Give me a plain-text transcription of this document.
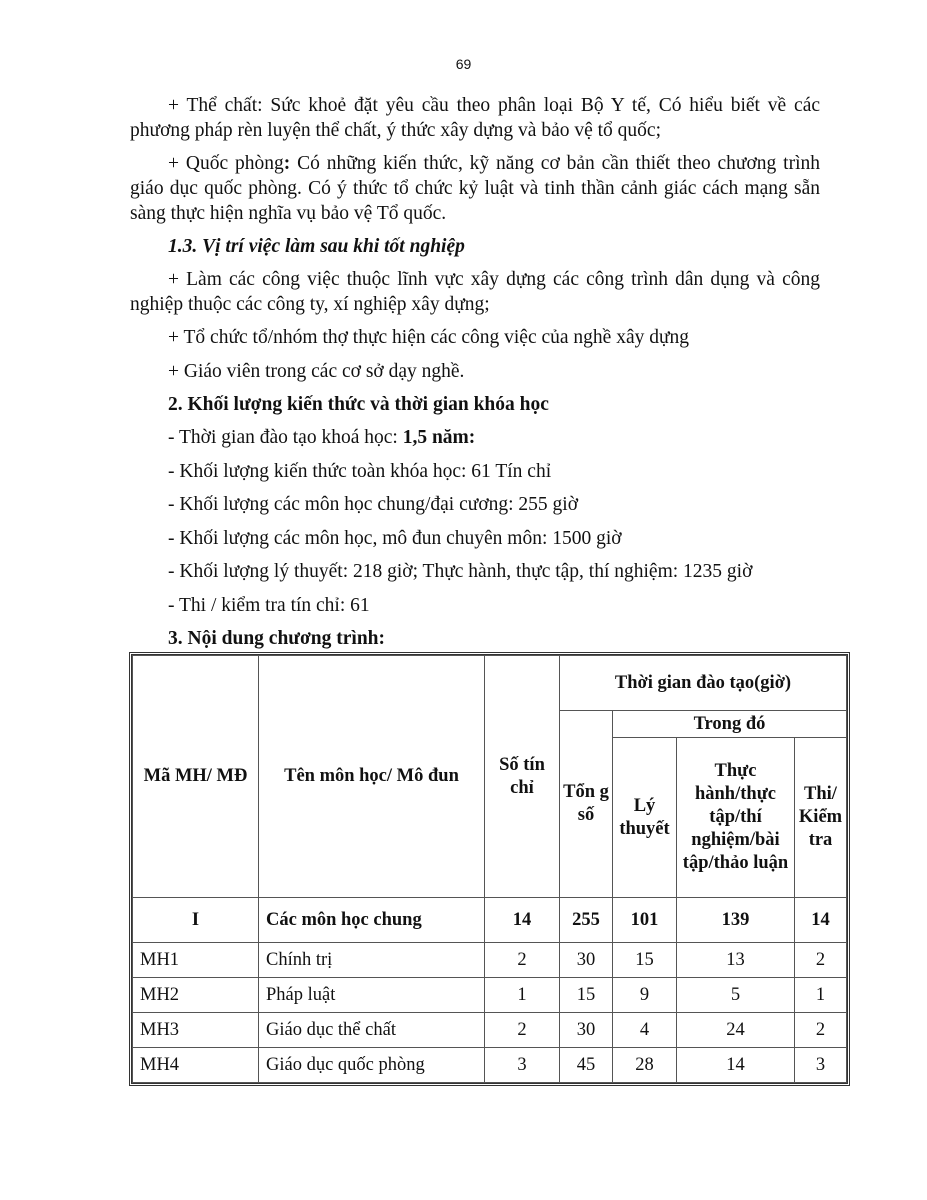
69

+ Thể chất: Sức khoẻ đặt yêu cầu theo phân loại Bộ Y tế, Có hiểu biết về các phương pháp rèn luyện thể chất, ý thức xây dựng và bảo vệ tổ quốc;

+ Quốc phòng: Có những kiến thức, kỹ năng cơ bản cần thiết theo chương trình giáo dục quốc phòng. Có ý thức tổ chức kỷ luật và tinh thần cảnh giác cách mạng sẵn sàng thực hiện nghĩa vụ bảo vệ Tổ quốc.

1.3. Vị trí việc làm sau khi tốt nghiệp

+ Làm các công việc thuộc lĩnh vực xây dựng các công trình dân dụng và công nghiệp thuộc các công ty, xí nghiệp xây dựng;

+ Tổ chức tổ/nhóm thợ thực hiện các công việc của nghề xây dựng

+ Giáo viên trong các cơ sở dạy nghề.

2. Khối lượng kiến thức và thời gian khóa học

- Thời gian đào tạo khoá học: 1,5 năm:

- Khối lượng kiến thức toàn khóa học: 61 Tín chỉ

- Khối lượng các môn học chung/đại cương: 255 giờ

- Khối lượng các môn học, mô đun chuyên môn: 1500 giờ

- Khối lượng lý thuyết: 218 giờ; Thực hành, thực tập, thí nghiệm: 1235 giờ

- Thi / kiểm tra tín chỉ: 61

3. Nội dung chương trình:

Mã MH/ MĐ	Tên môn học/ Mô đun	Số tín chỉ	Thời gian đào tạo(giờ)			
			Tổn g số	Trong đó		
				Lý thuyết	Thực hành/thực tập/thí nghiệm/bài tập/thảo luận	Thi/ Kiểm tra
I	Các môn học chung	14	255	101	139	14
MH1	Chính trị	2	30	15	13	2
MH2	Pháp luật	1	15	9	5	1
MH3	Giáo dục thể chất	2	30	4	24	2
MH4	Giáo dục quốc phòng	3	45	28	14	3
